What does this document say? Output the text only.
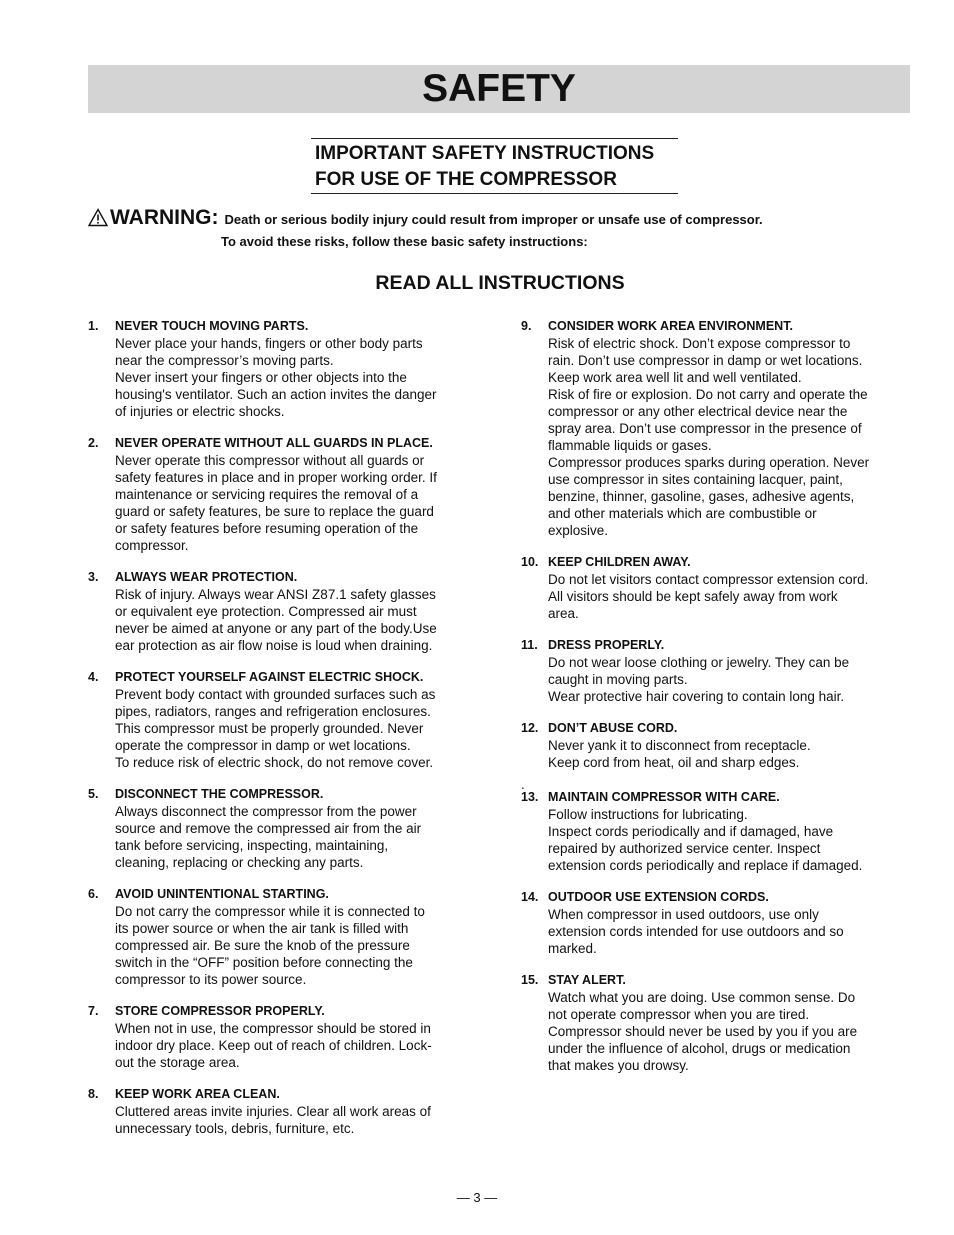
SAFETY
IMPORTANT SAFETY INSTRUCTIONS
FOR USE OF THE COMPRESSOR
WARNING: Death or serious bodily injury could result from improper or unsafe use of compressor.
To avoid these risks, follow these basic safety instructions:
READ ALL INSTRUCTIONS
1.	NEVER TOUCH MOVING PARTS.
Never place your hands, fingers or other body parts
near the compressor’s moving parts.
Never insert your fingers or other objects into the
housing's ventilator. Such an action invites the danger
of injuries or electric shocks.
2.	NEVER OPERATE WITHOUT ALL GUARDS IN PLACE.
Never operate this compressor without all guards or
safety features in place and in proper working order. If
maintenance or servicing requires the removal of a
guard or safety features, be sure to replace the guard
or safety features before resuming operation of the
compressor.
3.	ALWAYS WEAR PROTECTION.
Risk of injury. Always wear ANSI Z87.1 safety glasses
or equivalent eye protection. Compressed air must
never be aimed at anyone or any part of the body.Use
ear protection as air flow noise is loud when draining.
4.	PROTECT YOURSELF AGAINST ELECTRIC SHOCK.
Prevent body contact with grounded surfaces such as
pipes, radiators, ranges and refrigeration enclosures.
This compressor must be properly grounded. Never
operate the compressor in damp or wet locations.
To reduce risk of electric shock, do not remove cover.
5.	DISCONNECT THE COMPRESSOR.
Always disconnect the compressor from the power
source and remove the compressed air from the air
tank before servicing, inspecting, maintaining,
cleaning, replacing or checking any parts.
6.	AVOID UNINTENTIONAL STARTING.
Do not carry the compressor while it is connected to
its power source or when the air tank is filled with
compressed air. Be sure the knob of the pressure
switch in the “OFF” position before connecting the
compressor to its power source.
7.	STORE COMPRESSOR PROPERLY.
When not in use, the compressor should be stored in
indoor dry place. Keep out of reach of children. Lock-
out the storage area.
8.	KEEP WORK AREA CLEAN.
Cluttered areas invite injuries. Clear all work areas of
unnecessary tools, debris, furniture, etc.
9.	CONSIDER WORK AREA ENVIRONMENT.
Risk of electric shock. Don’t expose compressor to
rain. Don’t use compressor in damp or wet locations.
Keep work area well lit and well ventilated.
Risk of fire or explosion. Do not carry and operate the
compressor or any other electrical device near the
spray area. Don’t use compressor in the presence of
flammable liquids or gases.
Compressor produces sparks during operation. Never
use compressor in sites containing lacquer, paint,
benzine, thinner, gasoline, gases, adhesive agents,
and other materials which are combustible or
explosive.
10. KEEP CHILDREN AWAY.
Do not let visitors contact compressor extension cord.
All visitors should be kept safely away from work
area.
11. DRESS PROPERLY.
Do not wear loose clothing or jewelry. They can be
caught in moving parts.
Wear protective hair covering to contain long hair.
12. DON’T ABUSE CORD.
Never yank it to disconnect from receptacle.
Keep cord from heat, oil and sharp edges.
.
13. MAINTAIN COMPRESSOR WITH CARE.
Follow instructions for lubricating.
Inspect cords periodically and if damaged, have
repaired by authorized service center. Inspect
extension cords periodically and replace if damaged.
14. OUTDOOR USE EXTENSION CORDS.
When compressor in used outdoors, use only
extension cords intended for use outdoors and so
marked.
15. STAY ALERT.
Watch what you are doing. Use common sense. Do
not operate compressor when you are tired.
Compressor should never be used by you if you are
under the influence of alcohol, drugs or medication
that makes you drowsy.
— 3 —
